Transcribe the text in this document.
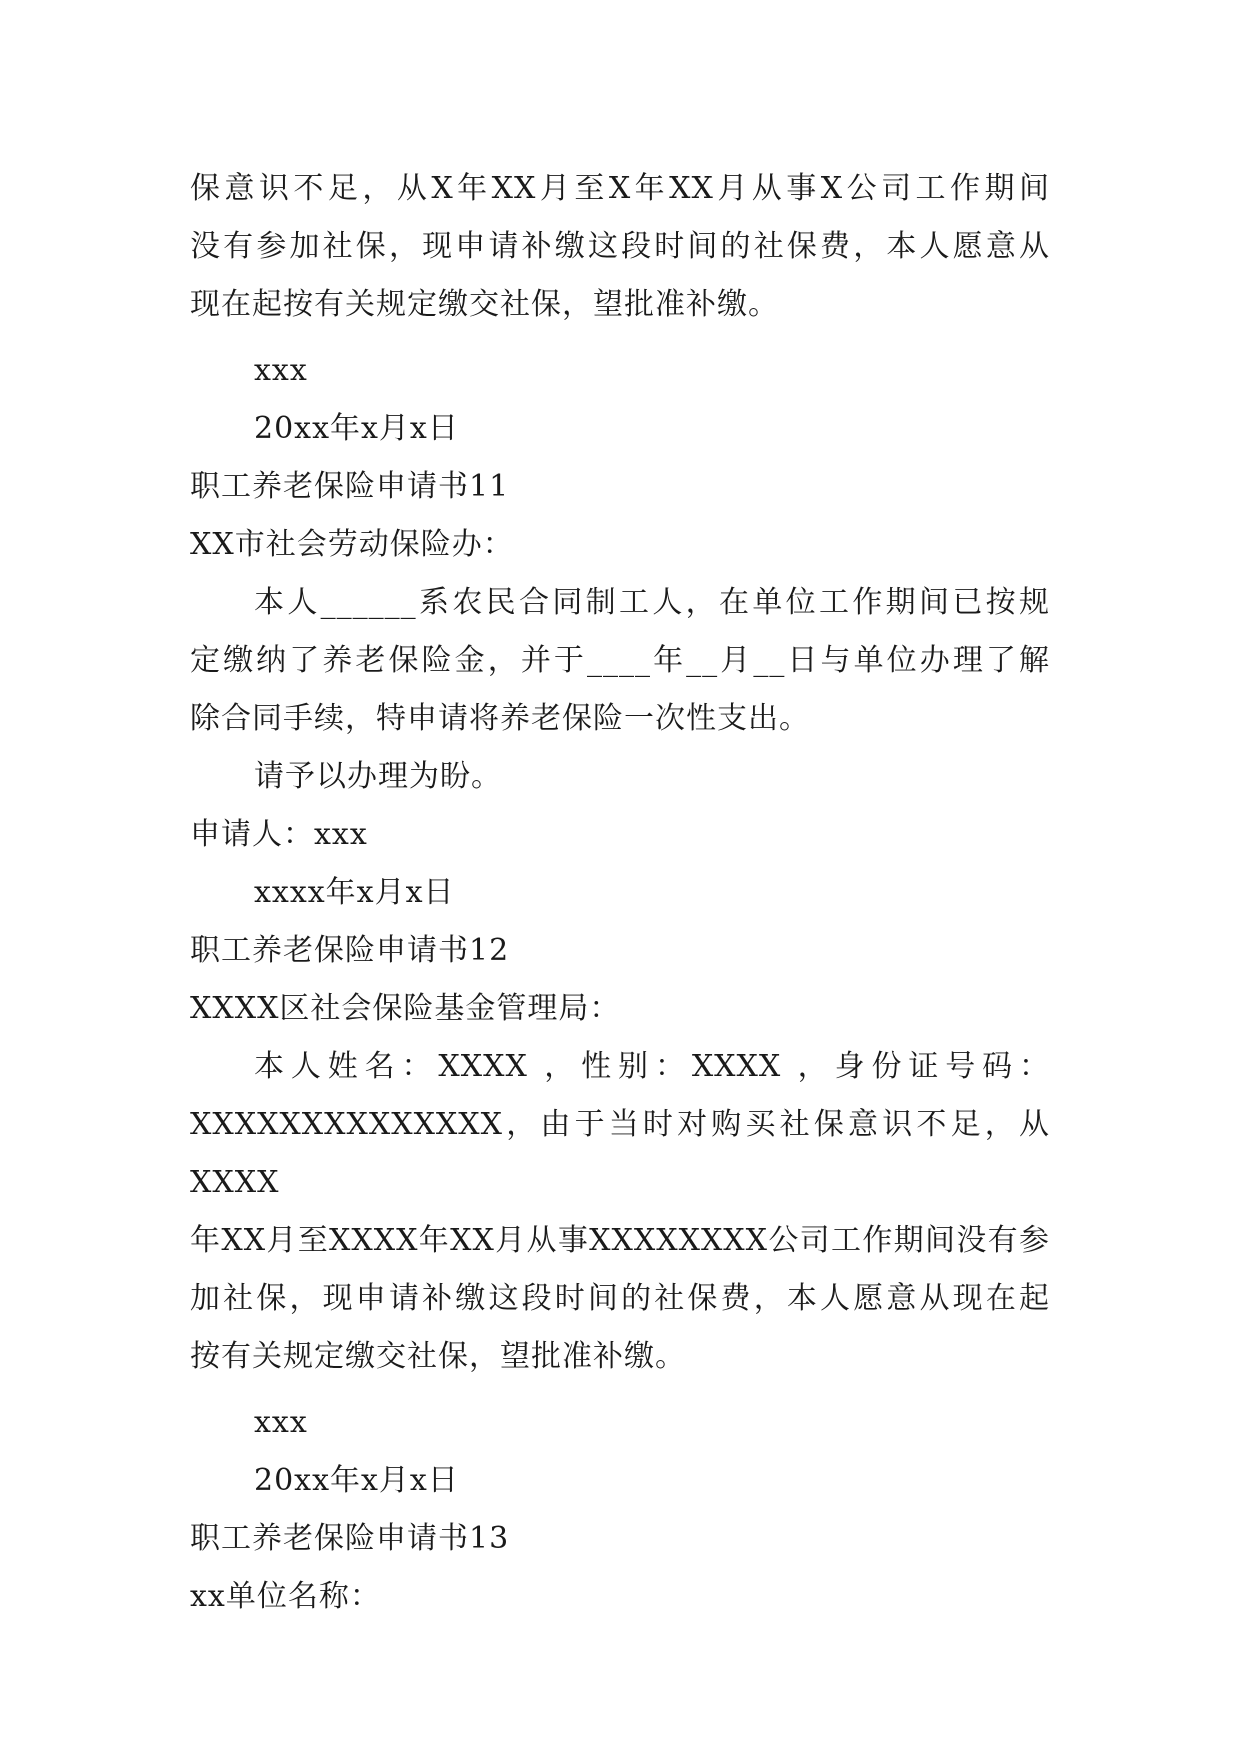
保意识不足，从X年XX月至X年XX月从事X公司工作期间
没有参加社保，现申请补缴这段时间的社保费，本人愿意从
现在起按有关规定缴交社保，望批准补缴。
xxx
20xx年x月x日
职工养老保险申请书11
XX市社会劳动保险办：
本人______系农民合同制工人，在单位工作期间已按规
定缴纳了养老保险金，并于____年__月__日与单位办理了解
除合同手续，特申请将养老保险一次性支出。
请予以办理为盼。
申请人：xxx
xxxx年x月x日
职工养老保险申请书12
XXXX区社会保险基金管理局：
本人姓名：XXXX ，性别：XXXX ，身份证号码：
XXXXXXXXXXXXXX，由于当时对购买社保意识不足，从XXXX
年XX月至XXXX年XX月从事XXXXXXXX公司工作期间没有参
加社保，现申请补缴这段时间的社保费，本人愿意从现在起
按有关规定缴交社保，望批准补缴。
xxx
20xx年x月x日
职工养老保险申请书13
xx单位名称：
